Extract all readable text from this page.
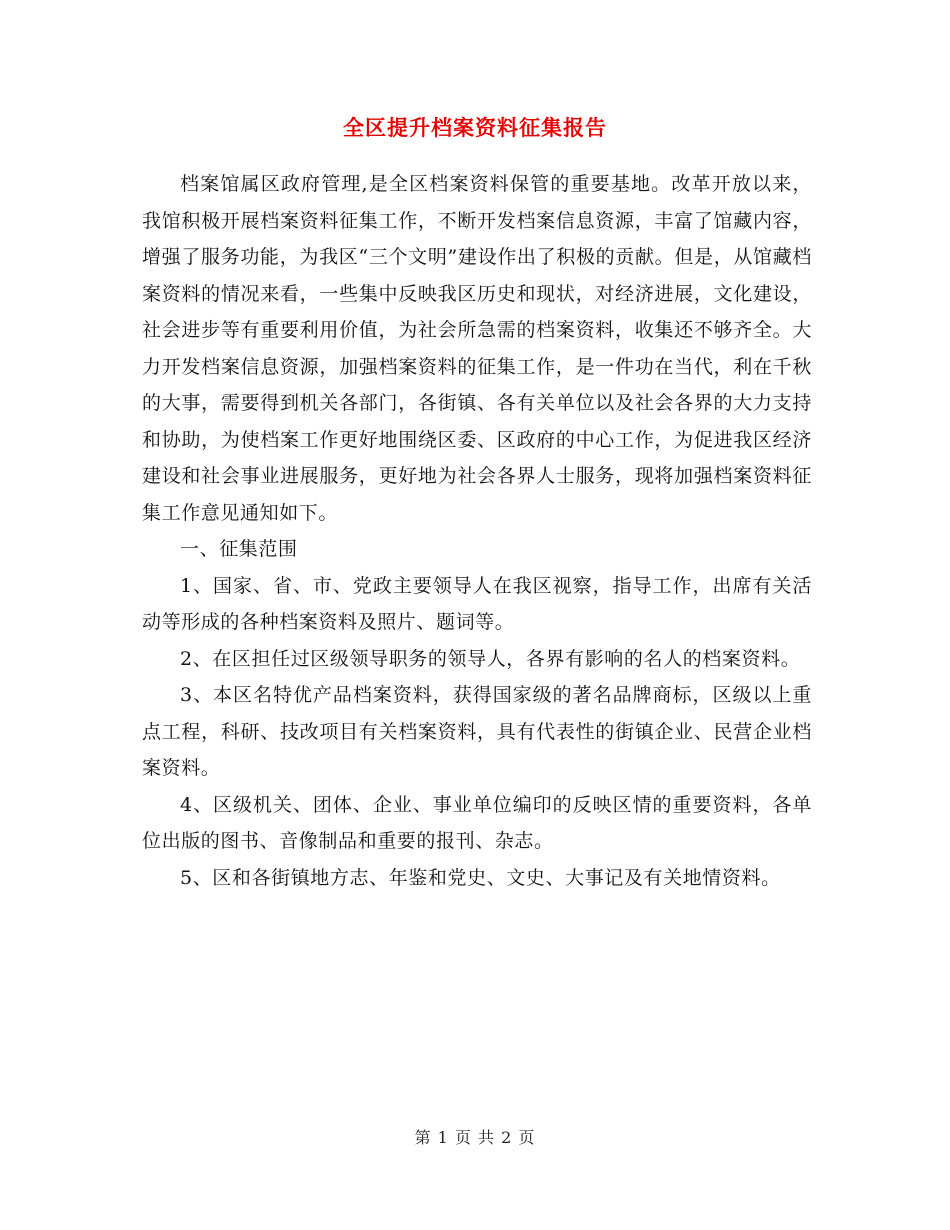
全区提升档案资料征集报告

档案馆属区政府管理,是全区档案资料保管的重要基地。改革开放以来，我馆积极开展档案资料征集工作，不断开发档案信息资源，丰富了馆藏内容，增强了服务功能，为我区“三个文明”建设作出了积极的贡献。但是，从馆藏档案资料的情况来看，一些集中反映我区历史和现状，对经济进展，文化建设，社会进步等有重要利用价值，为社会所急需的档案资料，收集还不够齐全。大力开发档案信息资源，加强档案资料的征集工作，是一件功在当代，利在千秋的大事，需要得到机关各部门，各街镇、各有关单位以及社会各界的大力支持和协助，为使档案工作更好地围绕区委、区政府的中心工作，为促进我区经济建设和社会事业进展服务，更好地为社会各界人士服务，现将加强档案资料征集工作意见通知如下。

一、征集范围

1、国家、省、市、党政主要领导人在我区视察，指导工作，出席有关活动等形成的各种档案资料及照片、题词等。

2、在区担任过区级领导职务的领导人，各界有影响的名人的档案资料。

3、本区名特优产品档案资料，获得国家级的著名品牌商标，区级以上重点工程，科研、技改项目有关档案资料，具有代表性的街镇企业、民营企业档案资料。

4、区级机关、团体、企业、事业单位编印的反映区情的重要资料，各单位出版的图书、音像制品和重要的报刊、杂志。

5、区和各街镇地方志、年鉴和党史、文史、大事记及有关地情资料。

第 1 页 共 2 页
